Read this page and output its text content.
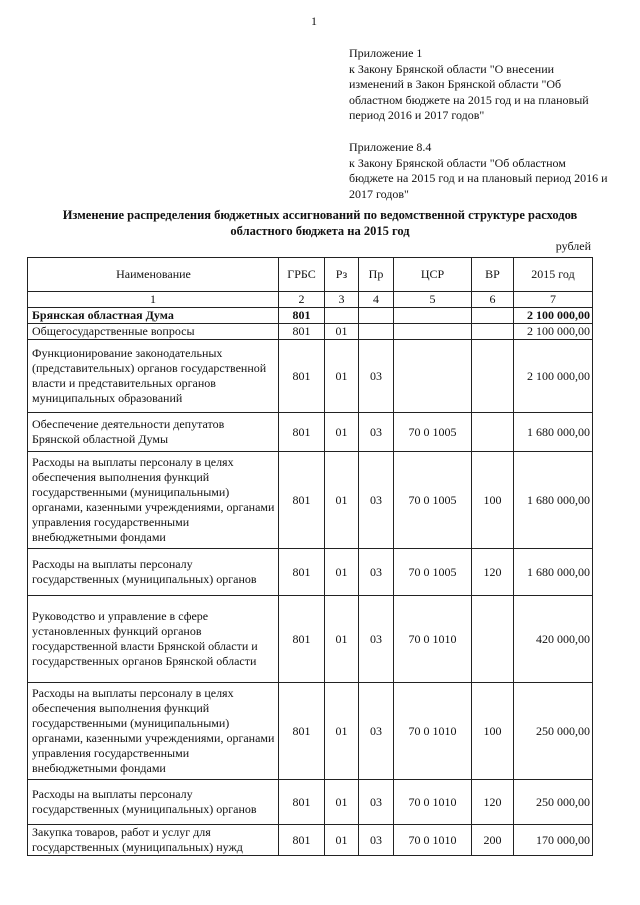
1
Приложение 1
к Закону Брянской области "О внесении изменений в Закон Брянской области "Об областном бюджете на 2015 год и на плановый период 2016 и 2017 годов"
Приложение 8.4
к Закону Брянской области "Об областном бюджете на 2015 год и на плановый период 2016 и 2017 годов"
Изменение распределения бюджетных ассигнований по ведомственной структуре расходов областного бюджета на 2015 год
рублей
Наименование	ГРБС	Рз	Пр	ЦСР	ВР	2015 год
1	2	3	4	5	6	7
Брянская областная Дума	801					2 100 000,00
Общегосударственные вопросы	801	01				2 100 000,00
Функционирование законодательных (представительных) органов государственной власти и представительных органов муниципальных образований	801	01	03			2 100 000,00
Обеспечение деятельности депутатов Брянской областной Думы	801	01	03	70 0 1005		1 680 000,00
Расходы на выплаты персоналу в целях обеспечения выполнения функций государственными (муниципальными) органами, казенными учреждениями, органами управления государственными внебюджетными фондами	801	01	03	70 0 1005	100	1 680 000,00
Расходы на выплаты персоналу государственных (муниципальных) органов	801	01	03	70 0 1005	120	1 680 000,00
Руководство и управление в сфере установленных функций органов государственной власти Брянской области и государственных органов Брянской области	801	01	03	70 0 1010		420 000,00
Расходы на выплаты персоналу в целях обеспечения выполнения функций государственными (муниципальными) органами, казенными учреждениями, органами управления государственными внебюджетными фондами	801	01	03	70 0 1010	100	250 000,00
Расходы на выплаты персоналу государственных (муниципальных) органов	801	01	03	70 0 1010	120	250 000,00
Закупка товаров, работ и услуг для государственных (муниципальных) нужд	801	01	03	70 0 1010	200	170 000,00
